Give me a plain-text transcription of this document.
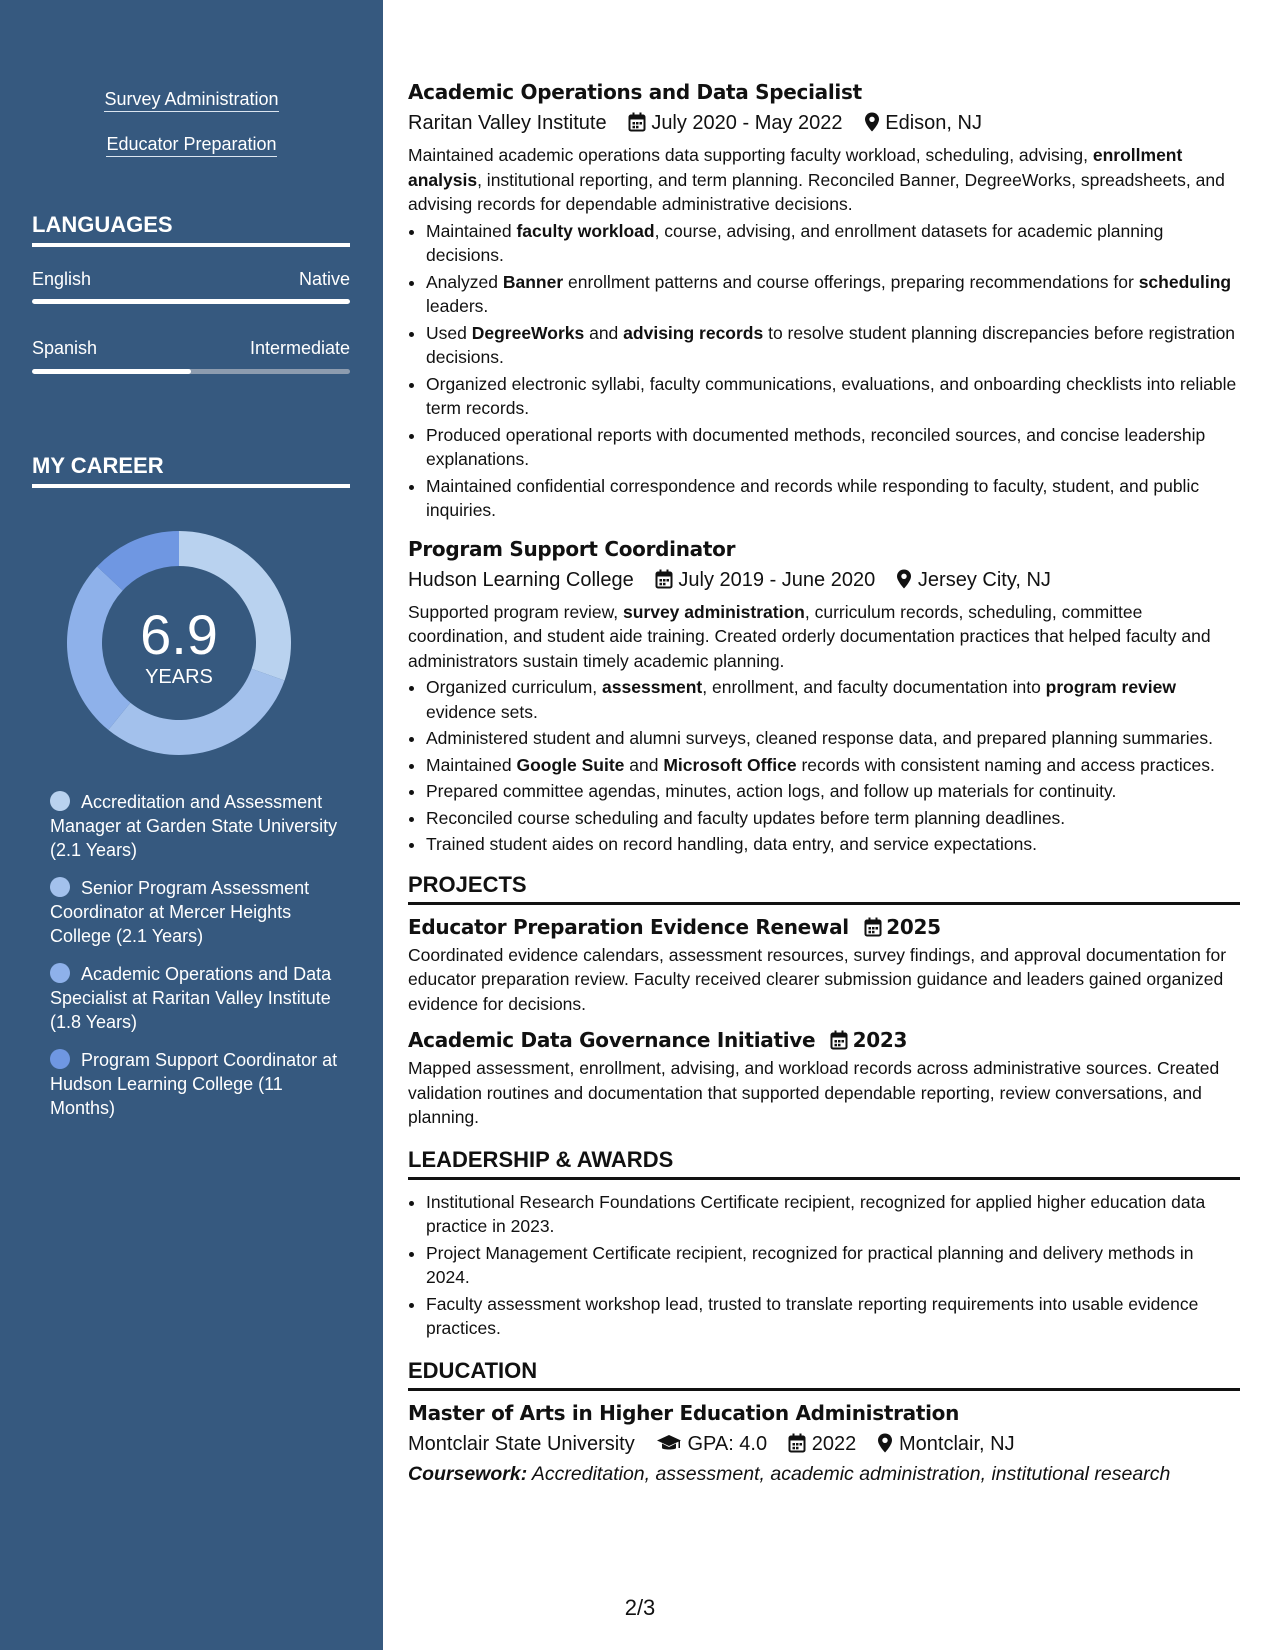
Survey Administration
Educator Preparation
LANGUAGES
English	Native
Spanish	Intermediate
MY CAREER
6.9
YEARS
Accreditation and Assessment Manager at Garden State University (2.1 Years)
Senior Program Assessment Coordinator at Mercer Heights College (2.1 Years)
Academic Operations and Data Specialist at Raritan Valley Institute (1.8 Years)
Program Support Coordinator at Hudson Learning College (11 Months)
Academic Operations and Data Specialist
Raritan Valley Institute July 2020 - May 2022 Edison, NJ

Maintained academic operations data supporting faculty workload, scheduling, advising, enrollment analysis, institutional reporting, and term planning. Reconciled Banner, DegreeWorks, spreadsheets, and advising records for dependable administrative decisions.

• Maintained faculty workload, course, advising, and enrollment datasets for academic planning decisions.
• Analyzed Banner enrollment patterns and course offerings, preparing recommendations for scheduling leaders.
• Used DegreeWorks and advising records to resolve student planning discrepancies before registration decisions.
• Organized electronic syllabi, faculty communications, evaluations, and onboarding checklists into reliable term records.
• Produced operational reports with documented methods, reconciled sources, and concise leadership explanations.
• Maintained confidential correspondence and records while responding to faculty, student, and public inquiries.
Program Support Coordinator
Hudson Learning College July 2019 - June 2020 Jersey City, NJ

Supported program review, survey administration, curriculum records, scheduling, committee coordination, and student aide training. Created orderly documentation practices that helped faculty and administrators sustain timely academic planning.

• Organized curriculum, assessment, enrollment, and faculty documentation into program review evidence sets.
• Administered student and alumni surveys, cleaned response data, and prepared planning summaries.
• Maintained Google Suite and Microsoft Office records with consistent naming and access practices.
• Prepared committee agendas, minutes, action logs, and follow up materials for continuity.
• Reconciled course scheduling and faculty updates before term planning deadlines.
• Trained student aides on record handling, data entry, and service expectations.
PROJECTS
Educator Preparation Evidence Renewal 2025

Coordinated evidence calendars, assessment resources, survey findings, and approval documentation for educator preparation review. Faculty received clearer submission guidance and leaders gained organized evidence for decisions.

Academic Data Governance Initiative 2023

Mapped assessment, enrollment, advising, and workload records across administrative sources. Created validation routines and documentation that supported dependable reporting, review conversations, and planning.

LEADERSHIP & AWARDS
• Institutional Research Foundations Certificate recipient, recognized for applied higher education data practice in 2023.
• Project Management Certificate recipient, recognized for practical planning and delivery methods in 2024.
• Faculty assessment workshop lead, trusted to translate reporting requirements into usable evidence practices.
EDUCATION
Master of Arts in Higher Education Administration
Montclair State University	GPA: 4.0 2022 Montclair, NJ
Coursework: Accreditation, assessment, academic administration, institutional research
2/3
